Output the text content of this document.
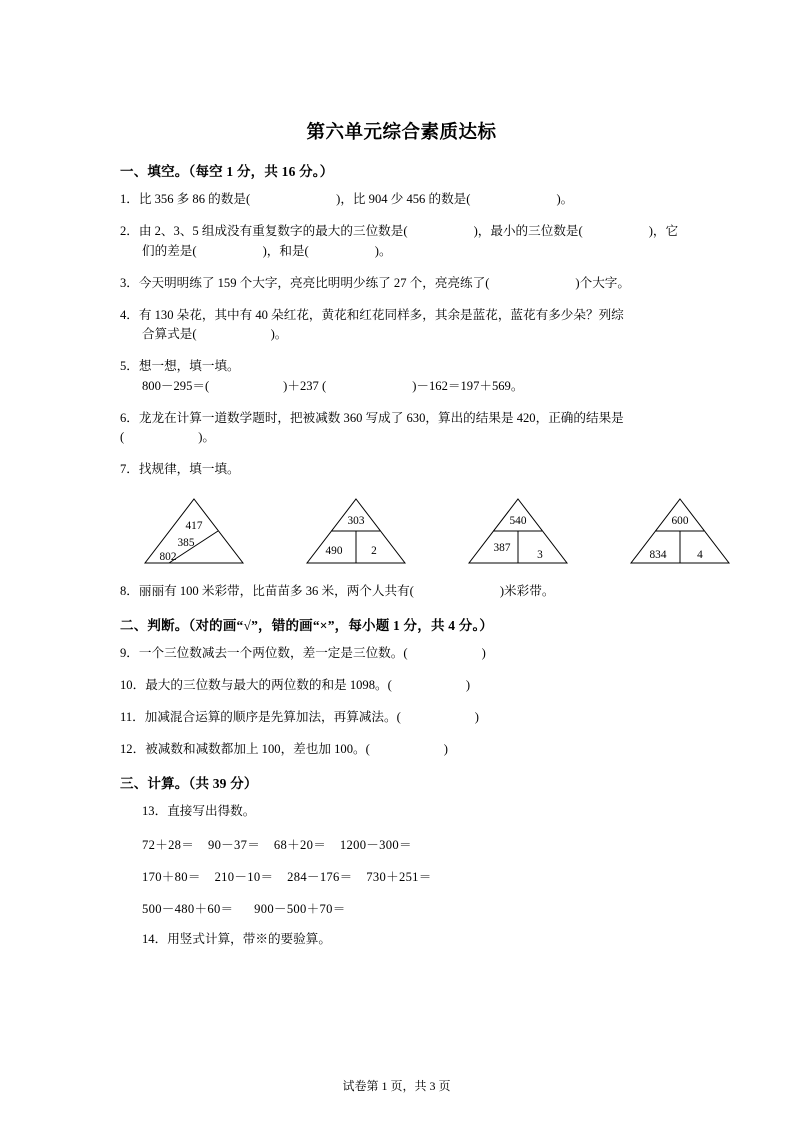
第六单元综合素质达标
一、填空。（每空 1 分，共 16 分。）
1．比 356 多 86 的数是(	)，比 904 少 456 的数是(	)。
2．由 2、3、5 组成没有重复数字的最大的三位数是(	)，最小的三位数是(	)，它
们的差是(	)，和是(	)。
3．今天明明练了 159 个大字，亮亮比明明少练了 27 个，亮亮练了(	)个大字。
4．有 130 朵花，其中有 40 朵红花，黄花和红花同样多，其余是蓝花，蓝花有多少朵？列综
合算式是(	)。
5．想一想，填一填。
800－295＝(	)＋237 (	)－162＝197＋569。
6．龙龙在计算一道数学题时，把被减数 360 写成了 630，算出的结果是 420，正确的结果是
(	)。
7．找规律，填一填。
417
385
802
303
490	2
540
387
3
600
834	4
8．丽丽有 100 米彩带，比苗苗多 36 米，两个人共有(	)米彩带。
二、判断。（对的画“√”，错的画“×”，每小题 1 分，共 4 分。）
9．一个三位数减去一个两位数，差一定是三位数。(	)
10．最大的三位数与最大的两位数的和是 1098。(	)
11．加减混合运算的顺序是先算加法，再算减法。(	)
12．被减数和减数都加上 100，差也加 100。(	)
三、计算。（共 39 分）
13．直接写出得数。
72＋28＝    90－37＝    68＋20＝    1200－300＝
170＋80＝    210－10＝    284－176＝    730＋251＝
500－480＋60＝      900－500＋70＝
14．用竖式计算，带※的要验算。
试卷第 1 页，共 3 页
